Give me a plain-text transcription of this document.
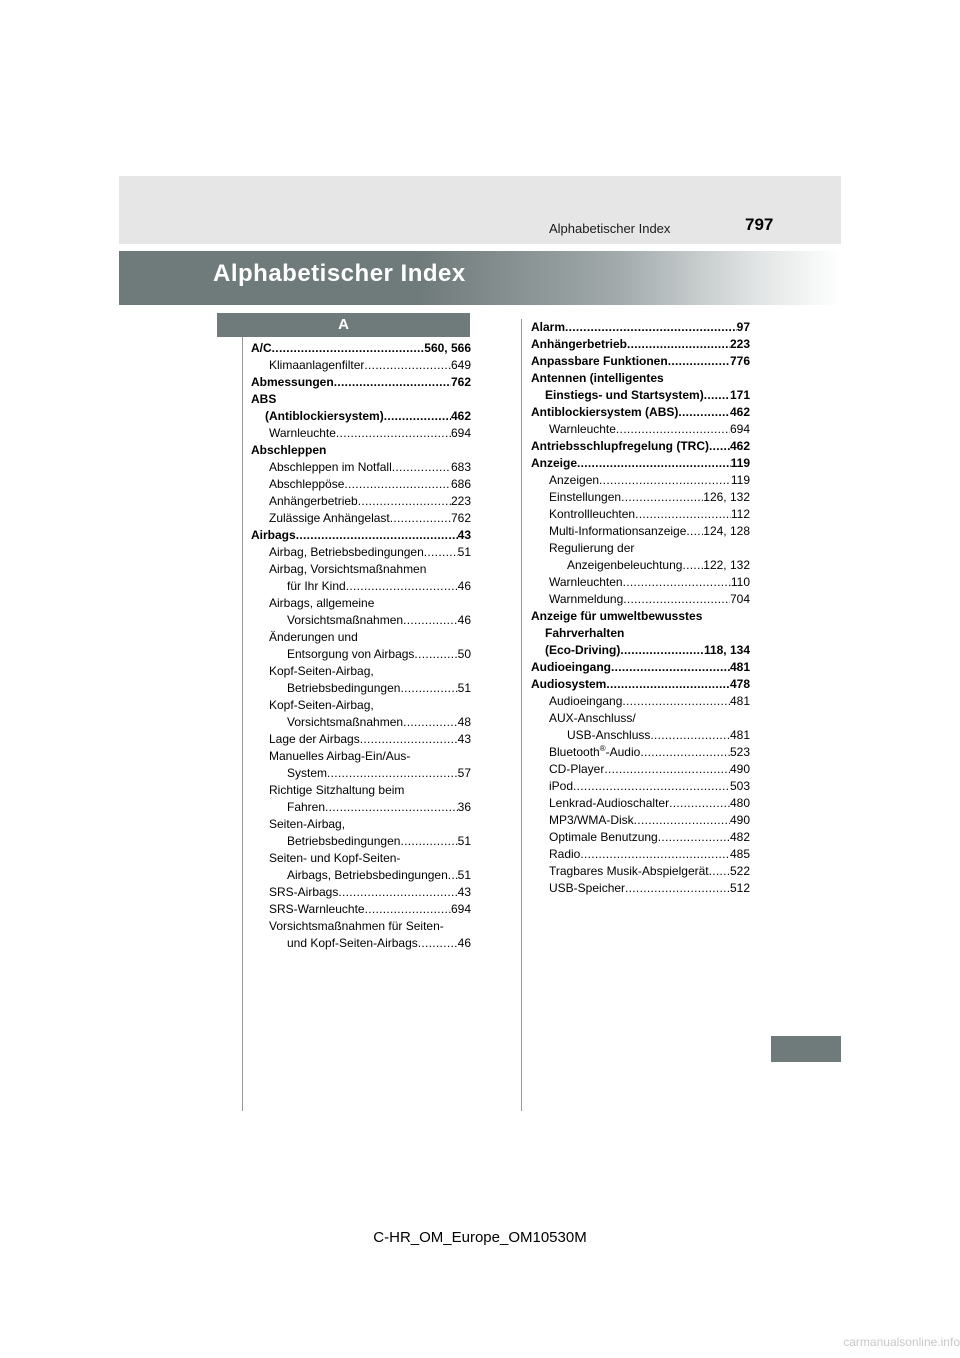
Alphabetischer Index	797
Alphabetischer Index
A
A/C .....	560, 566
Klimaanlagenfilter .....	649
Abmessungen .....	762
ABS
(Antiblockiersystem) .....	462
Warnleuchte .....	694
Abschleppen
Abschleppen im Notfall .....	683
Abschleppöse .....	686
Anhängerbetrieb .....	223
Zulässige Anhängelast .....	762
Airbags .....	43
Airbag, Betriebsbedingungen .....	51
Airbag, Vorsichtsmaßnahmen
für Ihr Kind .....	46
Airbags, allgemeine
Vorsichtsmaßnahmen .....	46
Änderungen und
Entsorgung von Airbags .....	50
Kopf-Seiten-Airbag,
Betriebsbedingungen .....	51
Kopf-Seiten-Airbag,
Vorsichtsmaßnahmen .....	48
Lage der Airbags .....	43
Manuelles Airbag-Ein/Aus-
System .....	57
Richtige Sitzhaltung beim
Fahren .....	36
Seiten-Airbag,
Betriebsbedingungen .....	51
Seiten- und Kopf-Seiten-
Airbags, Betriebsbedingungen ..... 51
SRS-Airbags .....	43
SRS-Warnleuchte .....	694
Vorsichtsmaßnahmen für Seiten-
und Kopf-Seiten-Airbags .....	46
Alarm .....	97
Anhängerbetrieb .....	223
Anpassbare Funktionen .....	776
Antennen (intelligentes
Einstiegs- und Startsystem) ..... 171
Antiblockiersystem (ABS) .....	462
Warnleuchte .....	694
Antriebsschlupfregelung (TRC) ..... 462
Anzeige .....	119
Anzeigen .....	119
Einstellungen .....	126, 132
Kontrollleuchten .....	112
Multi-Informationsanzeige ..... 124, 128
Regulierung der
Anzeigenbeleuchtung ..... 122, 132
Warnleuchten .....	110
Warnmeldung .....	704
Anzeige für umweltbewusstes
Fahrverhalten
(Eco-Driving) .....	118, 134
Audioeingang .....	481
Audiosystem .....	478
Audioeingang .....	481
AUX-Anschluss/
USB-Anschluss .....	481
Bluetooth®-Audio .....	523
CD-Player .....	490
iPod .....	503
Lenkrad-Audioschalter .....	480
MP3/WMA-Disk .....	490
Optimale Benutzung .....	482
Radio .....	485
Tragbares Musik-Abspielgerät ..... 522
USB-Speicher .....	512
C-HR_OM_Europe_OM10530M
carmanualsonline.info
